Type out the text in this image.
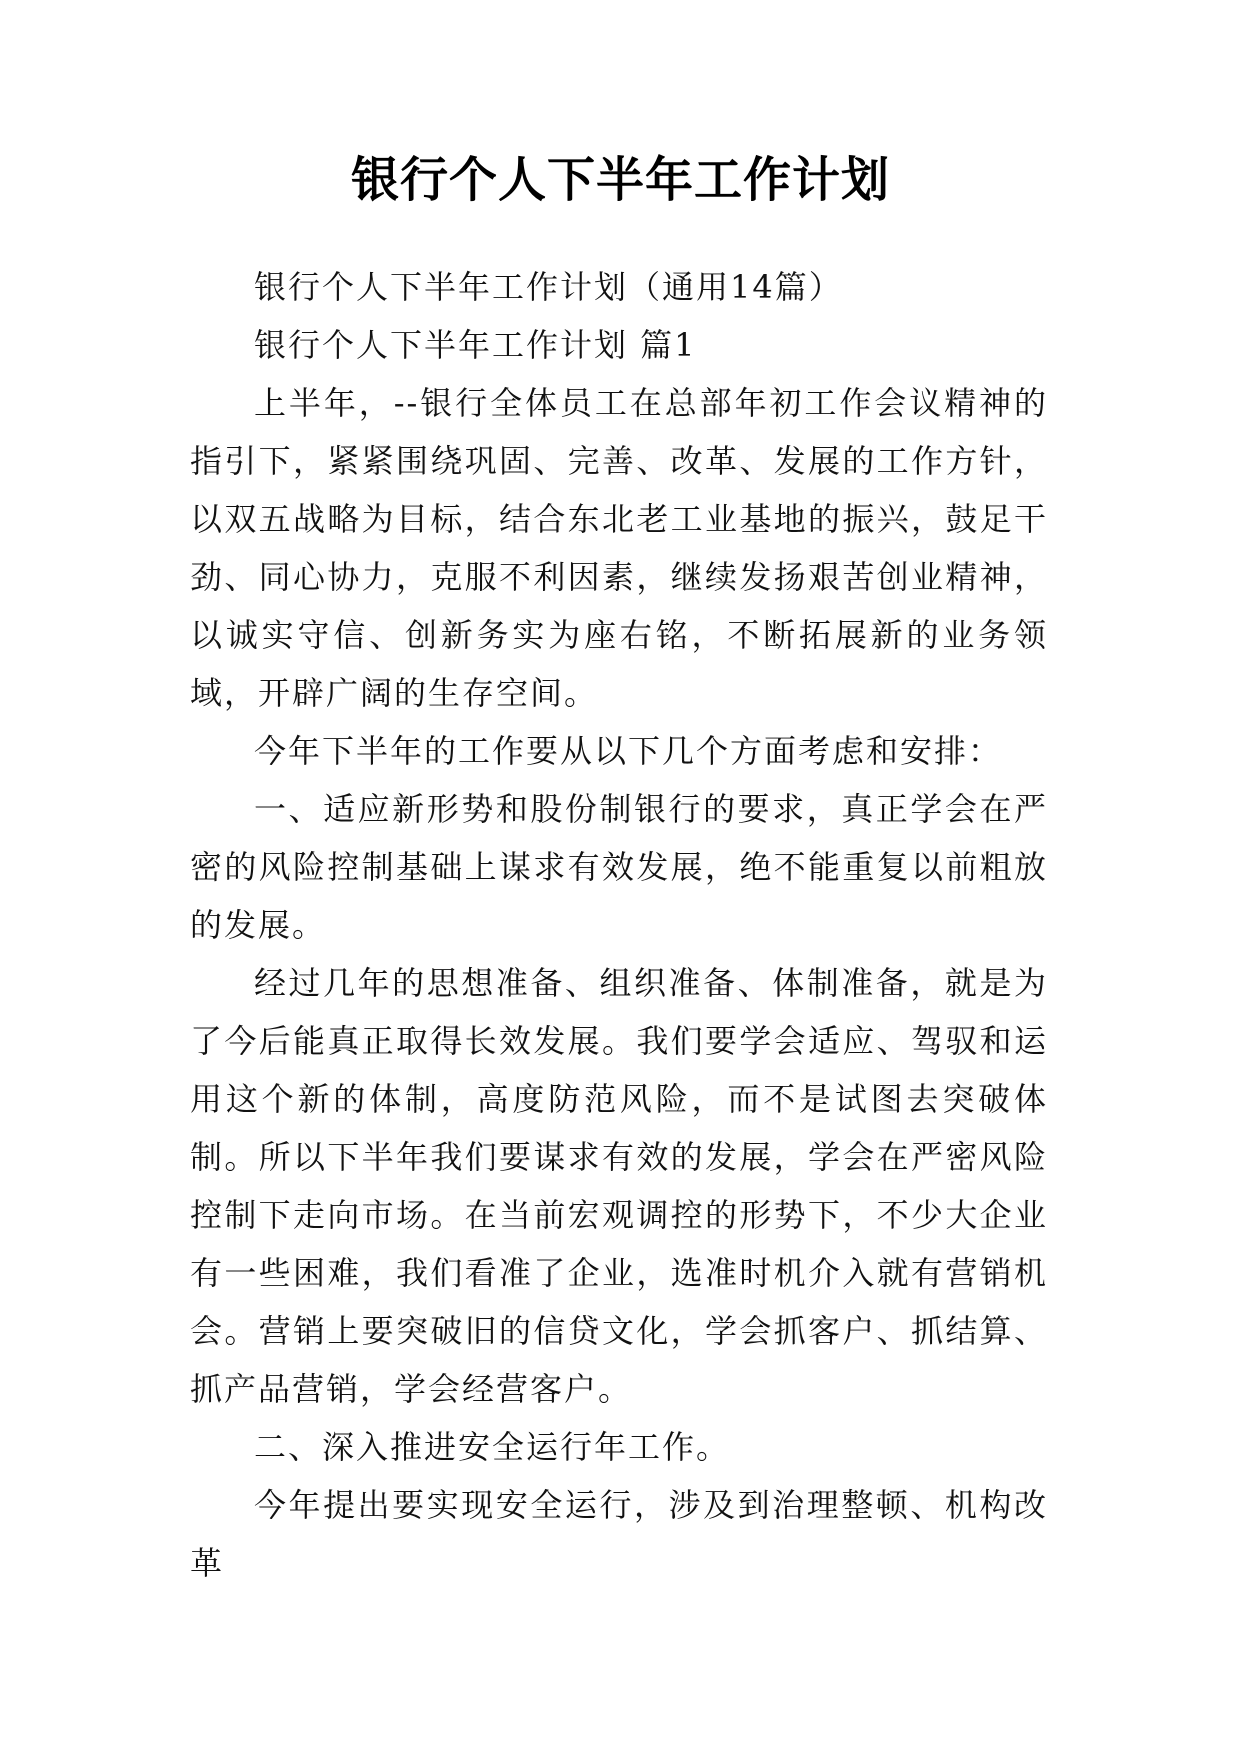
银行个人下半年工作计划

银行个人下半年工作计划（通用14篇）

银行个人下半年工作计划 篇1

上半年，--银行全体员工在总部年初工作会议精神的指引下，紧紧围绕巩固、完善、改革、发展的工作方针，以双五战略为目标，结合东北老工业基地的振兴，鼓足干劲、同心协力，克服不利因素，继续发扬艰苦创业精神，以诚实守信、创新务实为座右铭，不断拓展新的业务领域，开辟广阔的生存空间。

今年下半年的工作要从以下几个方面考虑和安排：

一、适应新形势和股份制银行的要求，真正学会在严密的风险控制基础上谋求有效发展，绝不能重复以前粗放的发展。

经过几年的思想准备、组织准备、体制准备，就是为了今后能真正取得长效发展。我们要学会适应、驾驭和运用这个新的体制，高度防范风险，而不是试图去突破体制。所以下半年我们要谋求有效的发展，学会在严密风险控制下走向市场。在当前宏观调控的形势下，不少大企业有一些困难，我们看准了企业，选准时机介入就有营销机会。营销上要突破旧的信贷文化，学会抓客户、抓结算、抓产品营销，学会经营客户。

二、深入推进安全运行年工作。

今年提出要实现安全运行，涉及到治理整顿、机构改革
